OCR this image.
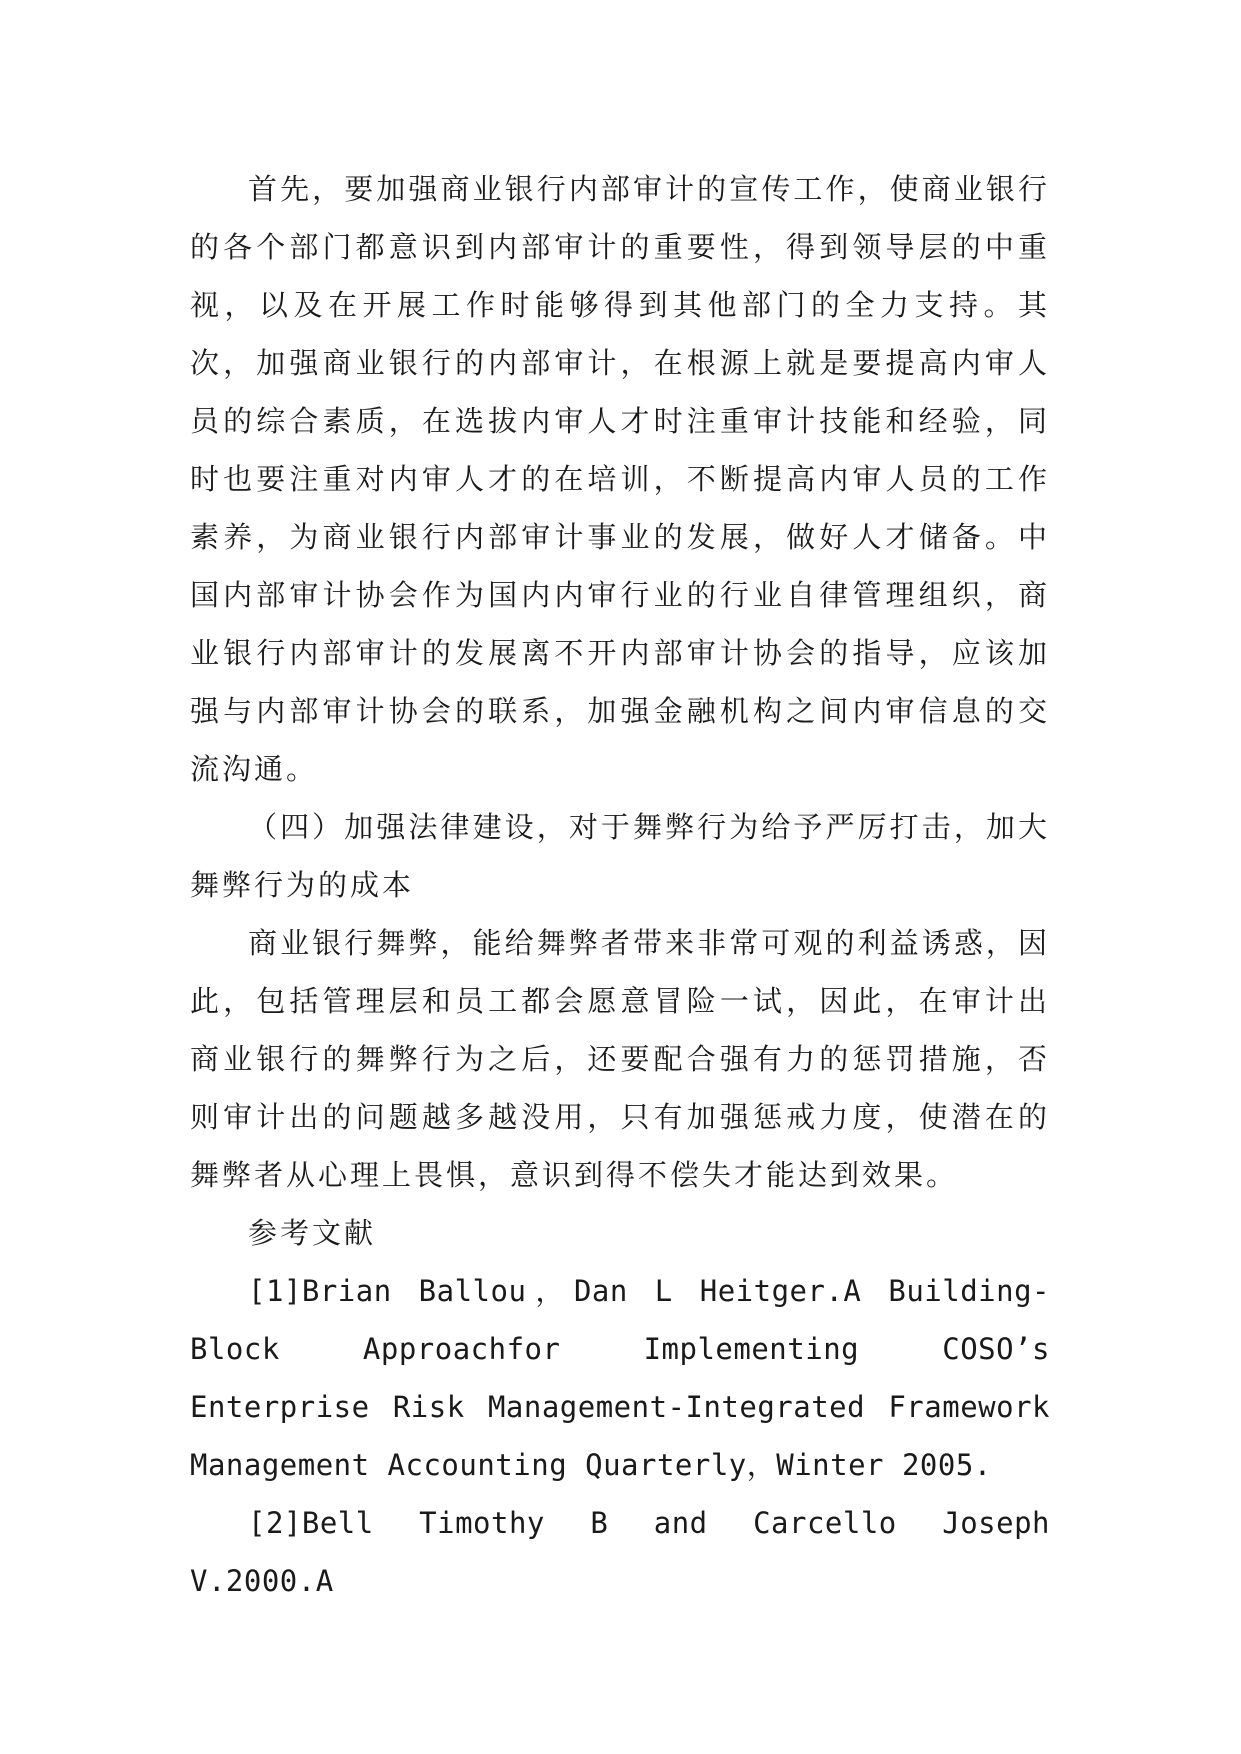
首先，要加强商业银行内部审计的宣传工作，使商业银行的各个部门都意识到内部审计的重要性，得到领导层的中重视，以及在开展工作时能够得到其他部门的全力支持。其次，加强商业银行的内部审计，在根源上就是要提高内审人员的综合素质，在选拔内审人才时注重审计技能和经验，同时也要注重对内审人才的在培训，不断提高内审人员的工作素养，为商业银行内部审计事业的发展，做好人才储备。中国内部审计协会作为国内内审行业的行业自律管理组织，商业银行内部审计的发展离不开内部审计协会的指导，应该加强与内部审计协会的联系，加强金融机构之间内审信息的交流沟通。

（四）加强法律建设，对于舞弊行为给予严厉打击，加大舞弊行为的成本

商业银行舞弊，能给舞弊者带来非常可观的利益诱惑，因此，包括管理层和员工都会愿意冒险一试，因此，在审计出商业银行的舞弊行为之后，还要配合强有力的惩罚措施，否则审计出的问题越多越没用，只有加强惩戒力度，使潜在的舞弊者从心理上畏惧，意识到得不偿失才能达到效果。

参考文献

[1]Brian Ballou，Dan L Heitger.A Building-Block Approachfor Implementing COSO’s Enterprise Risk Management-Integrated Framework Management Accounting Quarterly，Winter 2005.

[2]Bell Timothy B and Carcello Joseph V.2000.A
